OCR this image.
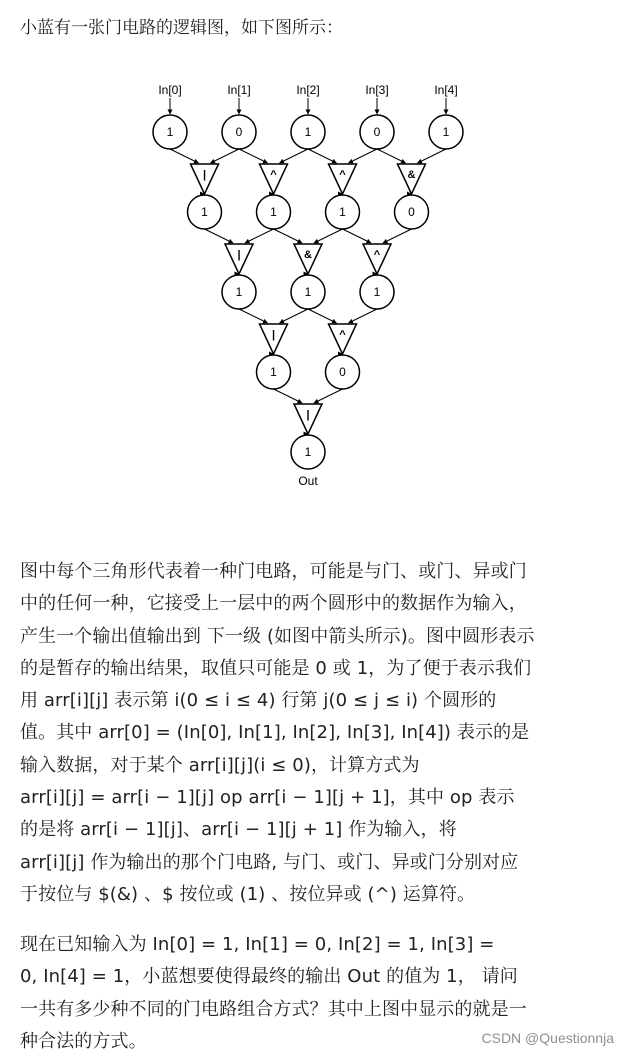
小蓝有一张门电路的逻辑图，如下图所示：

In[0]	In[1]	In[2]	In[3]	In[4]
1	0	1	0	1
|	^	^	&
1	1	1	0
|	&	^
1	1	1
|	^
1	0
|
1
Out

图中每个三角形代表着一种门电路，可能是与门、或门、异或门
中的任何一种，它接受上一层中的两个圆形中的数据作为输入，
产生一个输出值输出到 下一级 (如图中箭头所示)。图中圆形表示
的是暂存的输出结果，取值只可能是 0 或 1，为了便于表示我们
用 arr[i][j] 表示第 i(0 ≤ i ≤ 4) 行第 j(0 ≤ j ≤ i) 个圆形的
值。其中 arr[0] = (In[0], In[1], In[2], In[3], In[4]) 表示的是
输入数据，对于某个 arr[i][j](i ≤ 0)，计算方式为
arr[i][j] = arr[i − 1][j] op arr[i − 1][j + 1]，其中 op 表示
的是将 arr[i − 1][j]、arr[i − 1][j + 1] 作为输入，将
arr[i][j] 作为输出的那个门电路, 与门、或门、异或门分别对应
于按位与 $(&) 、$ 按位或 (1) 、按位异或 (^) 运算符。

现在已知输入为 In[0] = 1, In[1] = 0, In[2] = 1, In[3] =
0, In[4] = 1，小蓝想要使得最终的输出 Out 的值为 1， 请问
一共有多少种不同的门电路组合方式？其中上图中显示的就是一
种合法的方式。	CSDN @Questionnja
